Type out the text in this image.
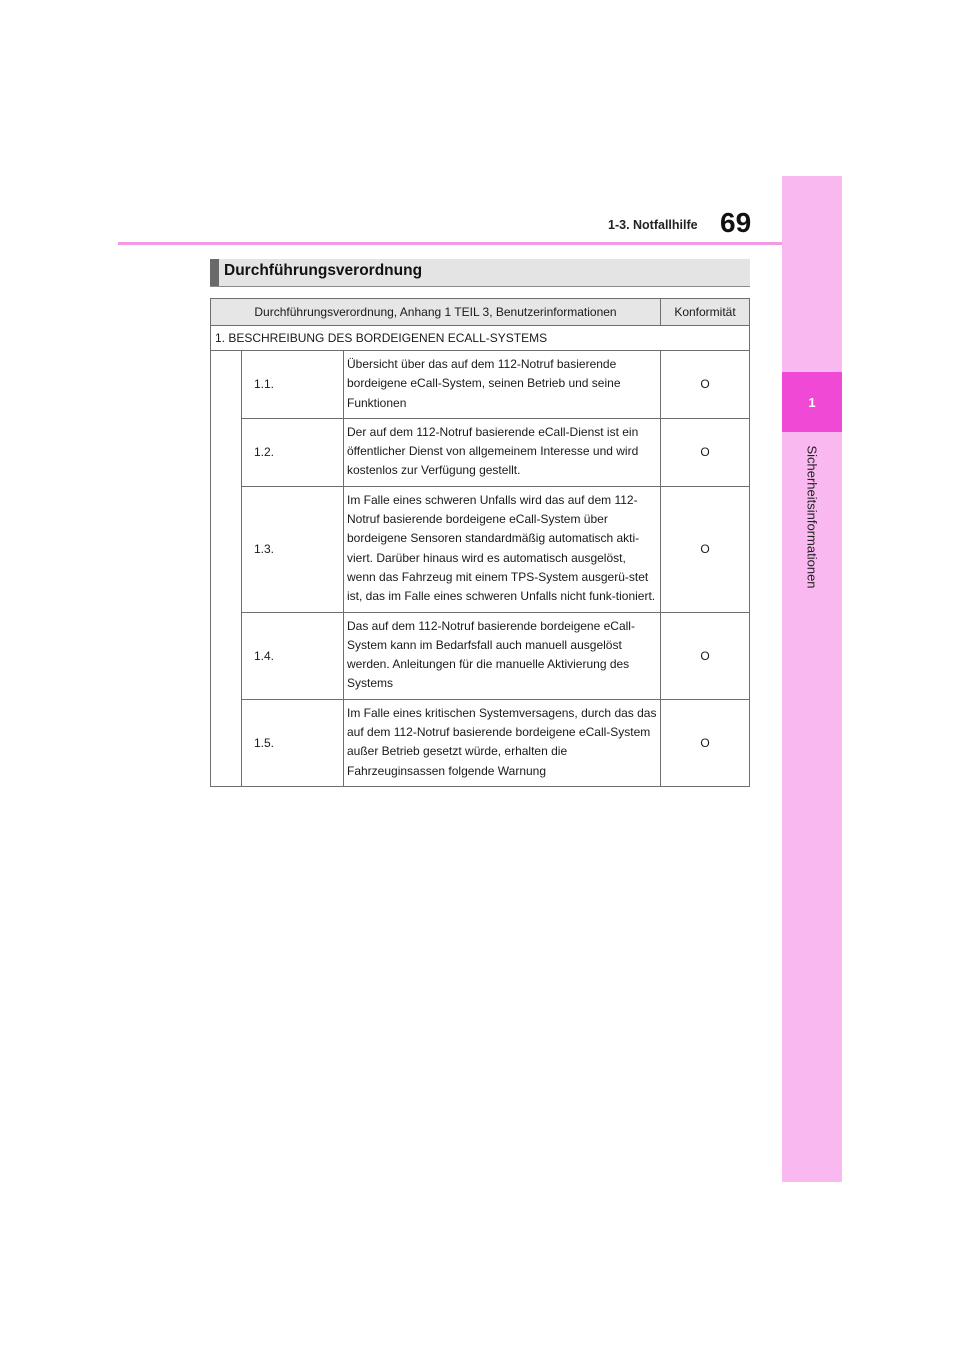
1
Sicherheitsinformationen
1-3. Notfallhilfe 69
Durchführungsverordnung
Durchführungsverordnung, Anhang 1 TEIL 3, Benutzerinformationen			Konformität
1. BESCHREIBUNG DES BORDEIGENEN ECALL-SYSTEMS			
	1.1.	Übersicht über das auf dem 112-Notruf basierende bordeigene eCall-System, seinen Betrieb und seine Funktionen	O
	1.2.	Der auf dem 112-Notruf basierende eCall-Dienst ist ein öffentlicher Dienst von allgemeinem Interesse und wird kostenlos zur Verfügung gestellt.	O
	1.3.	Im Falle eines schweren Unfalls wird das auf dem 112-Notruf basierende bordeigene eCall-System über bordeigene Sensoren standardmäßig automatisch akti-viert. Darüber hinaus wird es automatisch ausgelöst, wenn das Fahrzeug mit einem TPS-System ausgerü-stet ist, das im Falle eines schweren Unfalls nicht funk-tioniert.	O
	1.4.	Das auf dem 112-Notruf basierende bordeigene eCall-System kann im Bedarfsfall auch manuell ausgelöst werden. Anleitungen für die manuelle Aktivierung des Systems	O
	1.5.	Im Falle eines kritischen Systemversagens, durch das das auf dem 112-Notruf basierende bordeigene eCall-System außer Betrieb gesetzt würde, erhalten die Fahrzeuginsassen folgende Warnung	O
